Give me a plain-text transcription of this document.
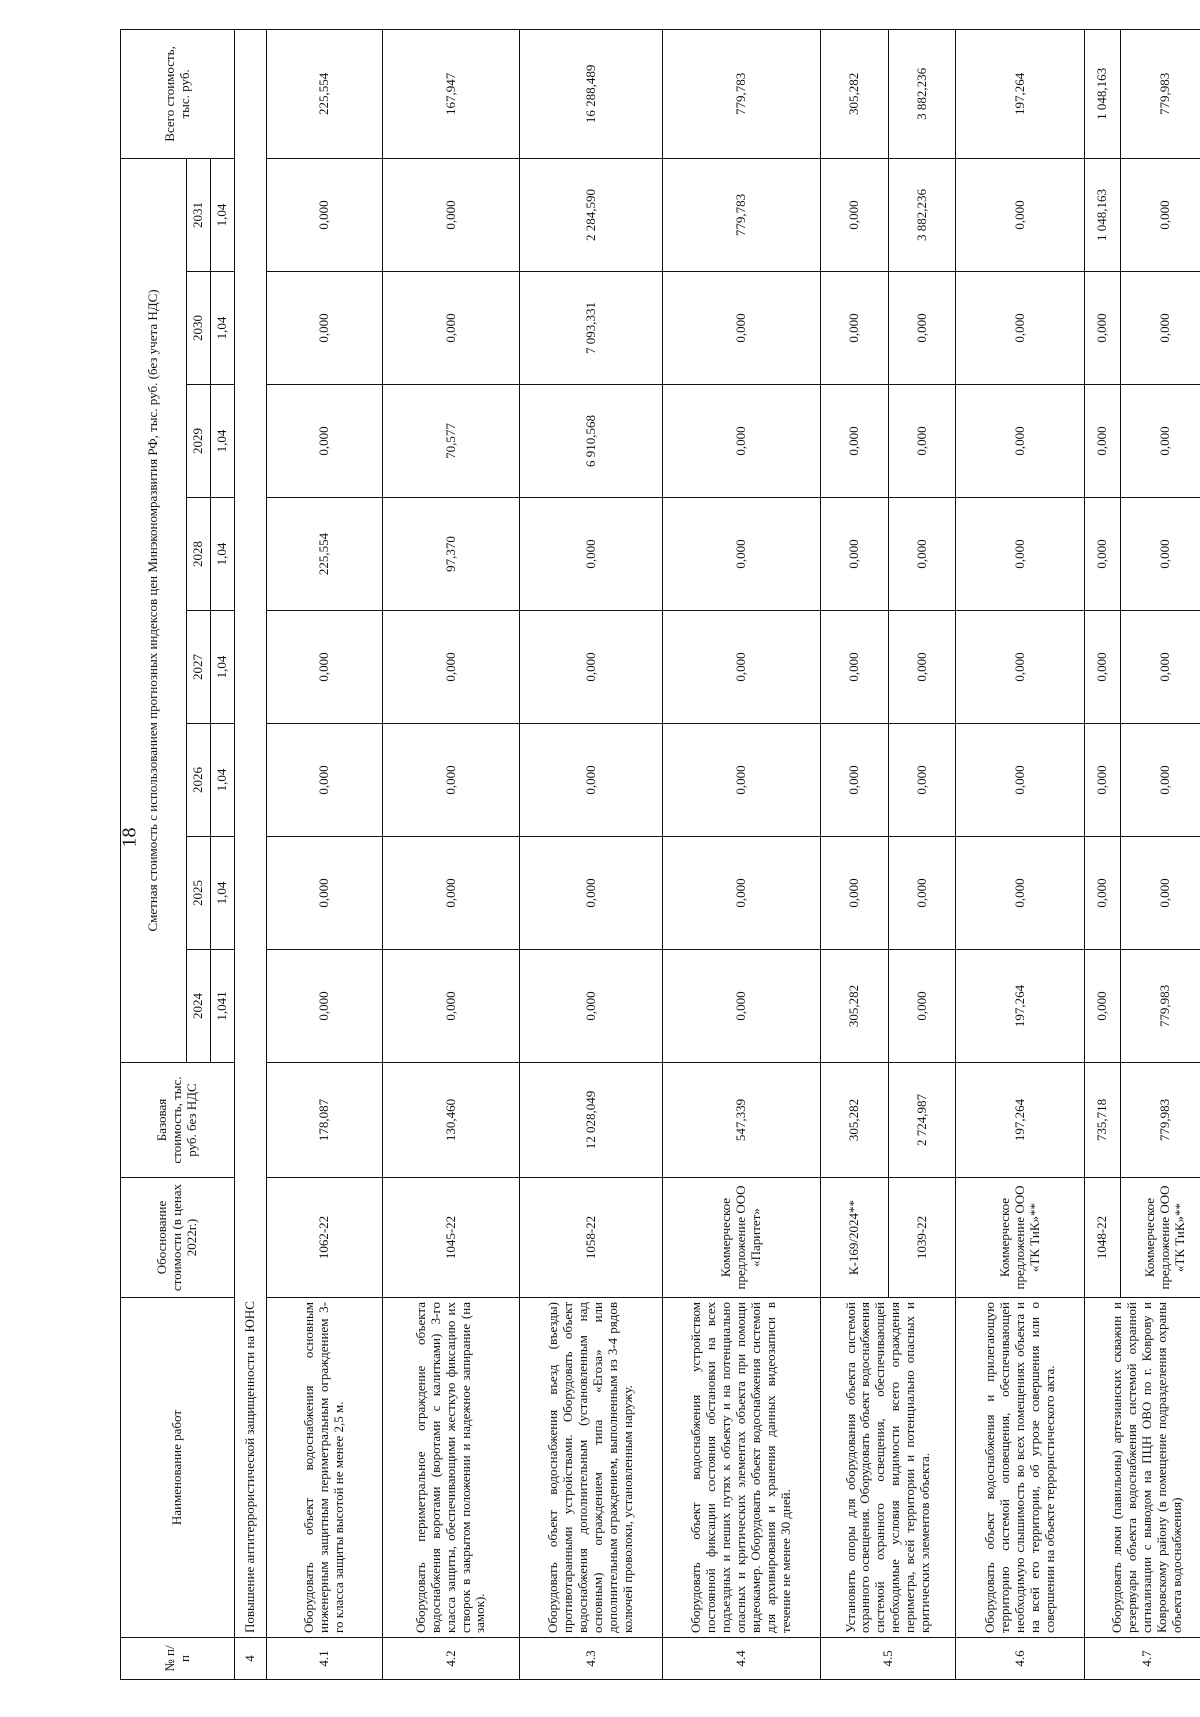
18
№ п/п	Наименование работ	Обоснование стоимости (в ценах 2022г.)	Базовая стоимость, тыс. руб. без НДС	Сметная стоимость с использованием прогнозных индексов цен Минэкономразвития РФ, тыс. руб. (без учета НДС)								Всего стоимость, тыс. руб.
				2024	2025	2026	2027	2028	2029	2030	2031	
				1,041	1,04	1,04	1,04	1,04	1,04	1,04	1,04	
4	Повышение антитеррористической защищенности на ЮНС											
4.1	Оборудовать объект водоснабжения основным инженерным защитным периметральным ограждением 3-го класса защиты высотой не менее 2,5 м.	1062-22	178,087	0,000	0,000	0,000	0,000	225,554	0,000	0,000	0,000	225,554
4.2	Оборудовать периметральное ограждение объекта водоснабжения воротами (воротами с калитками) 3-го класса защиты, обеспечивающими жесткую фиксацию их створок в закрытом положении и надежное запирание (на замок).	1045-22	130,460	0,000	0,000	0,000	0,000	97,370	70,577	0,000	0,000	167,947
4.3	Оборудовать объект водоснабжения въезд (въезды) противотаранными устройствами. Оборудовать объект водоснабжения дополнительным (установленным над основным) ограждением типа «Егоза» или дополнительным ограждением, выполненным из 3-4 рядов колючей проволоки, установленным наружу.	1058-22	12 028,049	0,000	0,000	0,000	0,000	0,000	6 910,568	7 093,331	2 284,590	16 288,489
4.4	Оборудовать объект водоснабжения устройством постоянной фиксации состояния обстановки на всех подъездных и пеших путях к объекту и на потенциально опасных и критических элементах объекта при помощи видеокамер. Оборудовать объект водоснабжения системой для архивирования и хранения данных видеозаписи в течение не менее 30 дней.	Коммерческое предложение ООО «Паритет»	547,339	0,000	0,000	0,000	0,000	0,000	0,000	0,000	779,783	779,783
4.5	Установить опоры для оборудования объекта системой охранного освещения. Оборудовать объект водоснабжения системой охранного освещения, обеспечивающей необходимые условия видимости всего ограждения периметра, всей территории и потенциально опасных и критических элементов объекта.	К-169/2024**	305,282	305,282	0,000	0,000	0,000	0,000	0,000	0,000	0,000	305,282
		1039-22	2 724,987	0,000	0,000	0,000	0,000	0,000	0,000	0,000	3 882,236	3 882,236
4.6	Оборудовать объект водоснабжения и прилегающую территорию системой оповещения, обеспечивающей необходимую слышимость во всех помещениях объекта и на всей его территории, об угрозе совершения или о совершении на объекте террористического акта.	Коммерческое предложение ООО «ТК ТиК»**	197,264	197,264	0,000	0,000	0,000	0,000	0,000	0,000	0,000	197,264
4.7	Оборудовать люки (павильоны) артезианских скважин и резервуары объекта водоснабжения системой охранной сигнализации с выводом на ПЦН ОВО по г. Коврову и Ковровскому району (в помещение подразделения охраны объекта водоснабжения)	1048-22	735,718	0,000	0,000	0,000	0,000	0,000	0,000	0,000	1 048,163	1 048,163
		Коммерческое предложение ООО «ТК ТиК»**	779,983	779,983	0,000	0,000	0,000	0,000	0,000	0,000	0,000	779,983
